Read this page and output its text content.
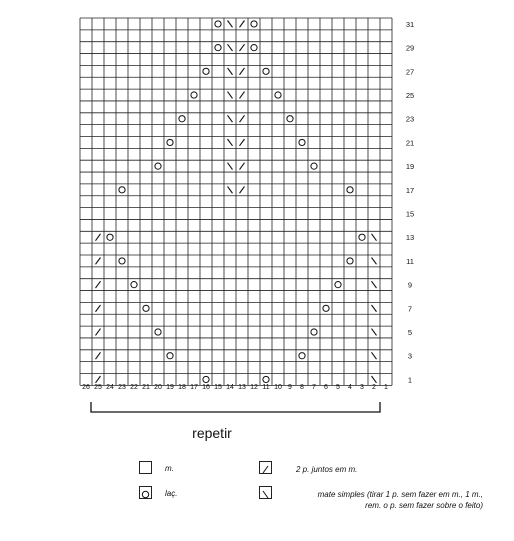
1
3
5
7
9
11
13
15
17
19
21
23
25
27
29
31
26 25 24 23 22 21 20 19 18 17 16 15 14 13 12 11 10 9 8 7 6 5 4 3 2 1
repetir
m.
laç.
2 p. juntos em m.
mate simples (tirar 1 p. sem fazer em m., 1 m.,
rem. o p. sem fazer sobre o feito)
